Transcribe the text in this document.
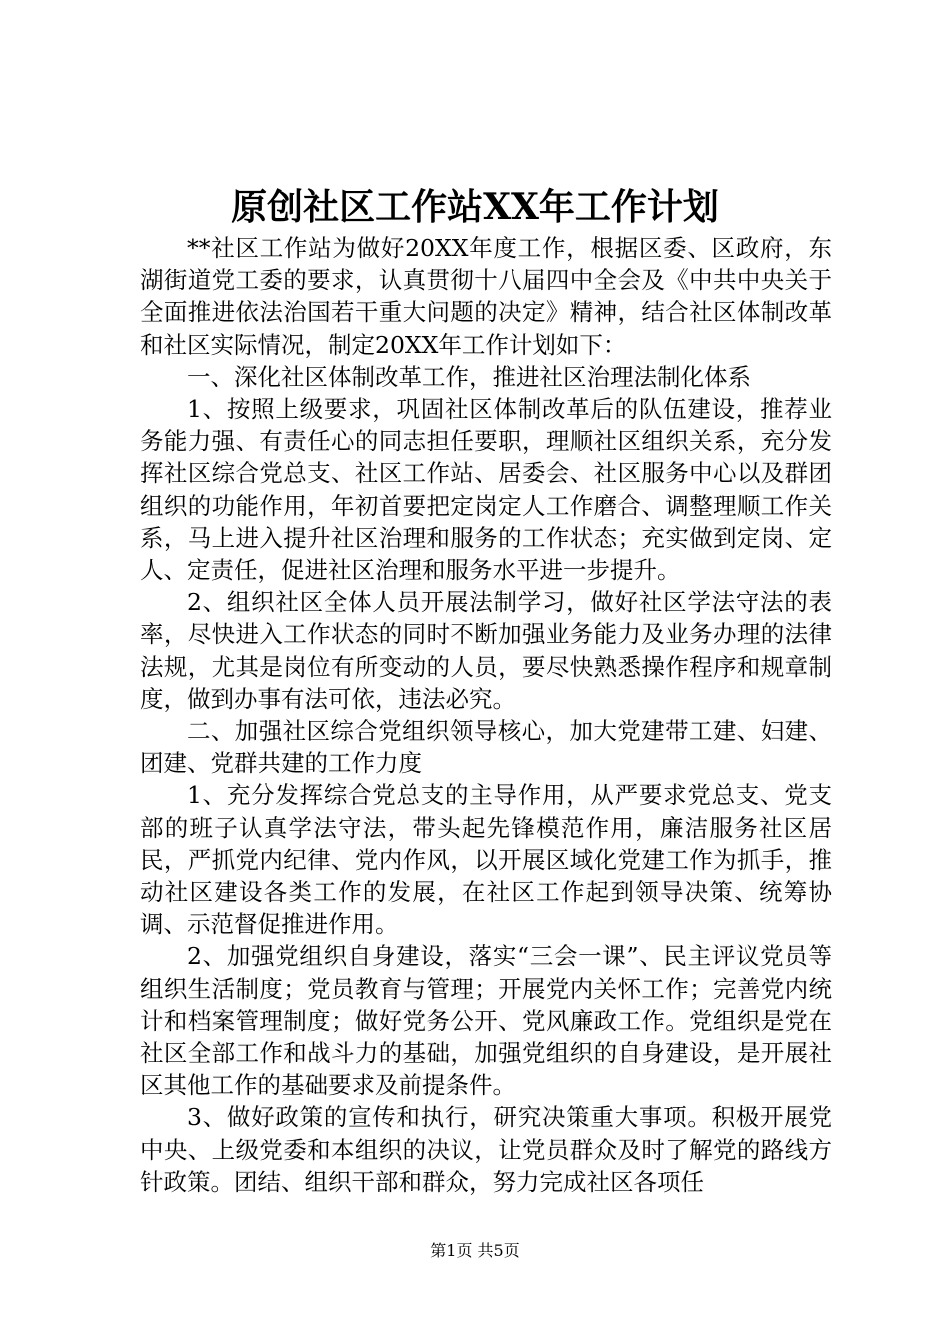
原创社区工作站XX年工作计划

**社区工作站为做好20XX年度工作，根据区委、区政府，东湖街道党工委的要求，认真贯彻十八届四中全会及《中共中央关于全面推进依法治国若干重大问题的决定》精神，结合社区体制改革和社区实际情况，制定20XX年工作计划如下：

一、深化社区体制改革工作，推进社区治理法制化体系

1、按照上级要求，巩固社区体制改革后的队伍建设，推荐业务能力强、有责任心的同志担任要职，理顺社区组织关系，充分发挥社区综合党总支、社区工作站、居委会、社区服务中心以及群团组织的功能作用，年初首要把定岗定人工作磨合、调整理顺工作关系，马上进入提升社区治理和服务的工作状态；充实做到定岗、定人、定责任，促进社区治理和服务水平进一步提升。

2、组织社区全体人员开展法制学习，做好社区学法守法的表率，尽快进入工作状态的同时不断加强业务能力及业务办理的法律法规，尤其是岗位有所变动的人员，要尽快熟悉操作程序和规章制度，做到办事有法可依，违法必究。

二、加强社区综合党组织领导核心，加大党建带工建、妇建、团建、党群共建的工作力度

1、充分发挥综合党总支的主导作用，从严要求党总支、党支部的班子认真学法守法，带头起先锋模范作用，廉洁服务社区居民，严抓党内纪律、党内作风，以开展区域化党建工作为抓手，推动社区建设各类工作的发展，在社区工作起到领导决策、统筹协调、示范督促推进作用。

2、加强党组织自身建设，落实“三会一课”、民主评议党员等组织生活制度；党员教育与管理；开展党内关怀工作；完善党内统计和档案管理制度；做好党务公开、党风廉政工作。党组织是党在社区全部工作和战斗力的基础，加强党组织的自身建设，是开展社区其他工作的基础要求及前提条件。

3、做好政策的宣传和执行，研究决策重大事项。积极开展党中央、上级党委和本组织的决议，让党员群众及时了解党的路线方针政策。团结、组织干部和群众，努力完成社区各项任

第1页 共5页
